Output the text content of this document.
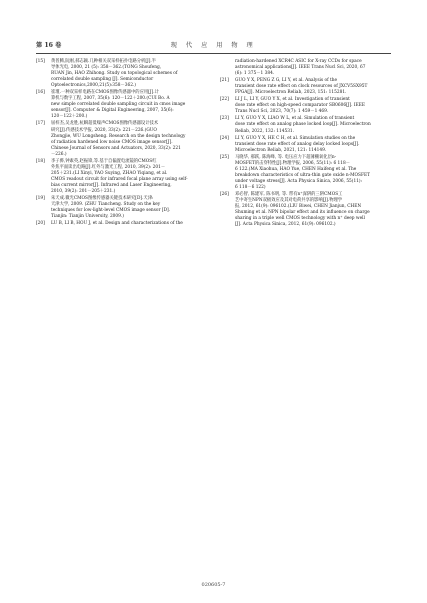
第 16 卷	现 代 应 用 物 理
[15] 黄普腾,阮刚,郝志颖.几种相关双采样拓扑电路分析[J].半
导体光电, 2000, 21 (5): 358－362.(TONG Shoufeng,
RUAN Jin, HAO Zhihong. Study on topological schemes of
correlated double sampling [J]. Semiconductor
Optoelectronics,2000,21(5):358－362.)
[16] 崔瑾.一种双采样电路在CMOS图像传感器中的应用[J].计
算机与数字工程, 2007, 35(6): 120－122＋200.(CUI Bo. A
new simple correlated double sampling circuit in cmos image
sensor[J]. Computer & Digital Engineering, 2007, 35(6):
120－122＋200.)
[17] 屈梓杰,吴龙胜,杭瞬超低噪声CMOS图像传感器设计技术
研究[J].传感技术学报, 2020, 33(2): 221－226.(GUO
Zhongjie, WU Longsheng. Research on the design technology
of radiation hardened low noise CMOS image sensor[J].
Chinese Journal of Sensors and Actuators, 2020, 33(2): 221
－226.)
[18] 李子骅,钟素英,赵振锋,等.基于自偏置电流镜的CMOS红
外焦平面读出电路[J].红外与激光工程, 2010, 39(2): 201－
205＋231.(LI Xinyi, YAO Suying, ZHAO Yiqiang, et al.
CMOS readout circuit for infrared focal plane array using self-
bias current mirror[J]. Infrared and Laser Engineering,
2010, 39(2): 201－205＋231.)
[19] 朱天成.微光CMOS图像传感器关键技术研究[D].天津:
天津大学, 2009. (ZHU Tiancheng. Study on the key
techniques for low-light-level CMOS image sensor [D].
Tianjin: Tianjin University, 2009.)
[20] LU B, LI B, HOU J, et al. Design and characterizations of the
radiation-hardened XCR4C ASIC for X-ray CCDs for space
astronomical applications[J]. IEEE Trans Nucl Sci, 2020, 67
(6): 1 375－1 384.
[21] GUO Y X, PENG Z G, LI Y, et al. Analysis of the
transient dose rate effect on clock resources of JXCV5SX95T
FPGA[J]. Microelectron Reliab, 2023, 151: 115281.
[22] LI J L, LI Y, GUO Y X, et al. Investigation of transient
dose rate effect on high-speed comparator SB0606[J]. IEEE
Trans Nucl Sci, 2023, 70(7): 1 459－1 469.
[23] LI Y, GUO Y X, LIAO W L, et al. Simulation of transient
dose rate effect on analog phase locked loop[J]. Microelectron
Reliab, 2022, 132: 114531.
[24] LI Y, GUO Y X, HE C H, et al. Simulation studies on the
transient dose rate effect of analog delay locked loops[J].
Microelectron Reliab, 2021, 121: 114149.
[25] 马晓华, 郝跃, 陈海峰, 等. 电压应力下超薄栅氧化层n-
MOSFET的击穿特性[J].物理学报, 2006, 55(11): 6 118－
6 122.(MA Xiaohua, HAO Yue, CHEN Haifeng et al. The
breakdown characteristics of ultra-thin gate oxide n-MOSFET
under voltage stress[J]. Acta Physica Sinica, 2006, 55(11):
6 118－6 122)
[26] 邓必智, 陈建军, 陈书明, 等. 带有n⁺深阱的三阱CMOS工
艺中寄生NPN双极效应及其对电荷共享的影响[J].物理学
报, 2012, 61(9): 096102.(LIU Biwei, CHEN Jianjun, CHEN
Shuming et al. NPN bipolar effect and its influence on charge
sharing in a triple well CMOS technology with n⁺ deep well
[J]. Acta Physica Sinica, 2012, 61(9): 096102.)
020605-7
